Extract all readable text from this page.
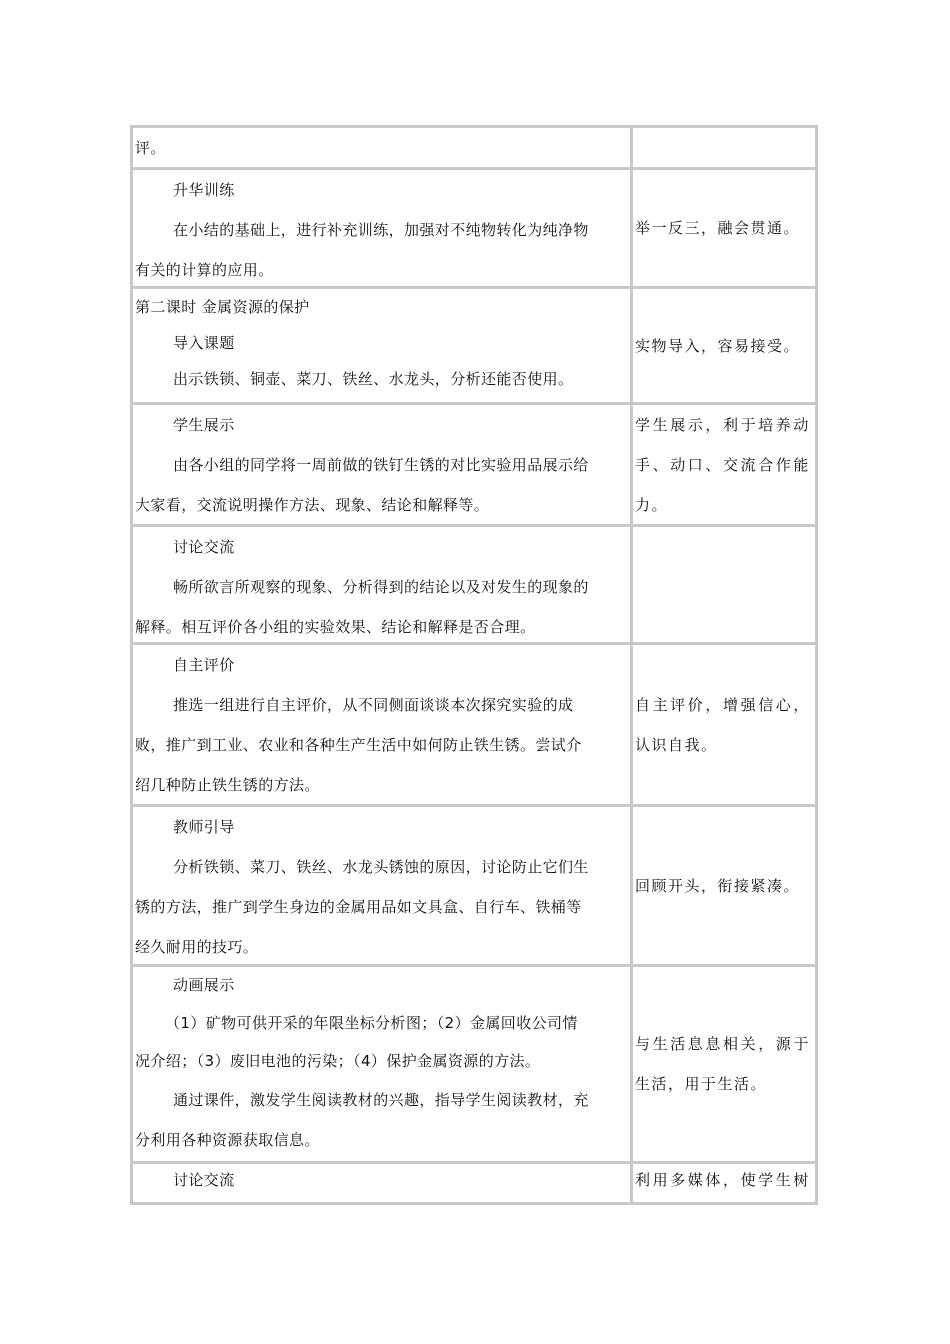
评。

升华训练

在小结的基础上，进行补充训练，加强对不纯物转化为纯净物

有关的计算的应用。

举一反三，融会贯通。

第二课时 金属资源的保护

导入课题

出示铁锁、铜壶、菜刀、铁丝、水龙头，分析还能否使用。

实物导入，容易接受。

学生展示

由各小组的同学将一周前做的铁钉生锈的对比实验用品展示给

大家看，交流说明操作方法、现象、结论和解释等。

学生展示，利于培养动

手、动口、交流合作能

力。

讨论交流

畅所欲言所观察的现象、分析得到的结论以及对发生的现象的

解释。相互评价各小组的实验效果、结论和解释是否合理。

自主评价

推选一组进行自主评价，从不同侧面谈谈本次探究实验的成

败，推广到工业、农业和各种生产生活中如何防止铁生锈。尝试介

绍几种防止铁生锈的方法。

自主评价，增强信心，

认识自我。

教师引导

分析铁锁、菜刀、铁丝、水龙头锈蚀的原因，讨论防止它们生

锈的方法，推广到学生身边的金属用品如文具盒、自行车、铁桶等

经久耐用的技巧。

回顾开头，衔接紧凑。

动画展示

（1）矿物可供开采的年限坐标分析图；（2）金属回收公司情

况介绍；（3）废旧电池的污染；（4）保护金属资源的方法。

通过课件，激发学生阅读教材的兴趣，指导学生阅读教材，充

分利用各种资源获取信息。

与生活息息相关，源于

生活，用于生活。

讨论交流	利用多媒体，使学生树
